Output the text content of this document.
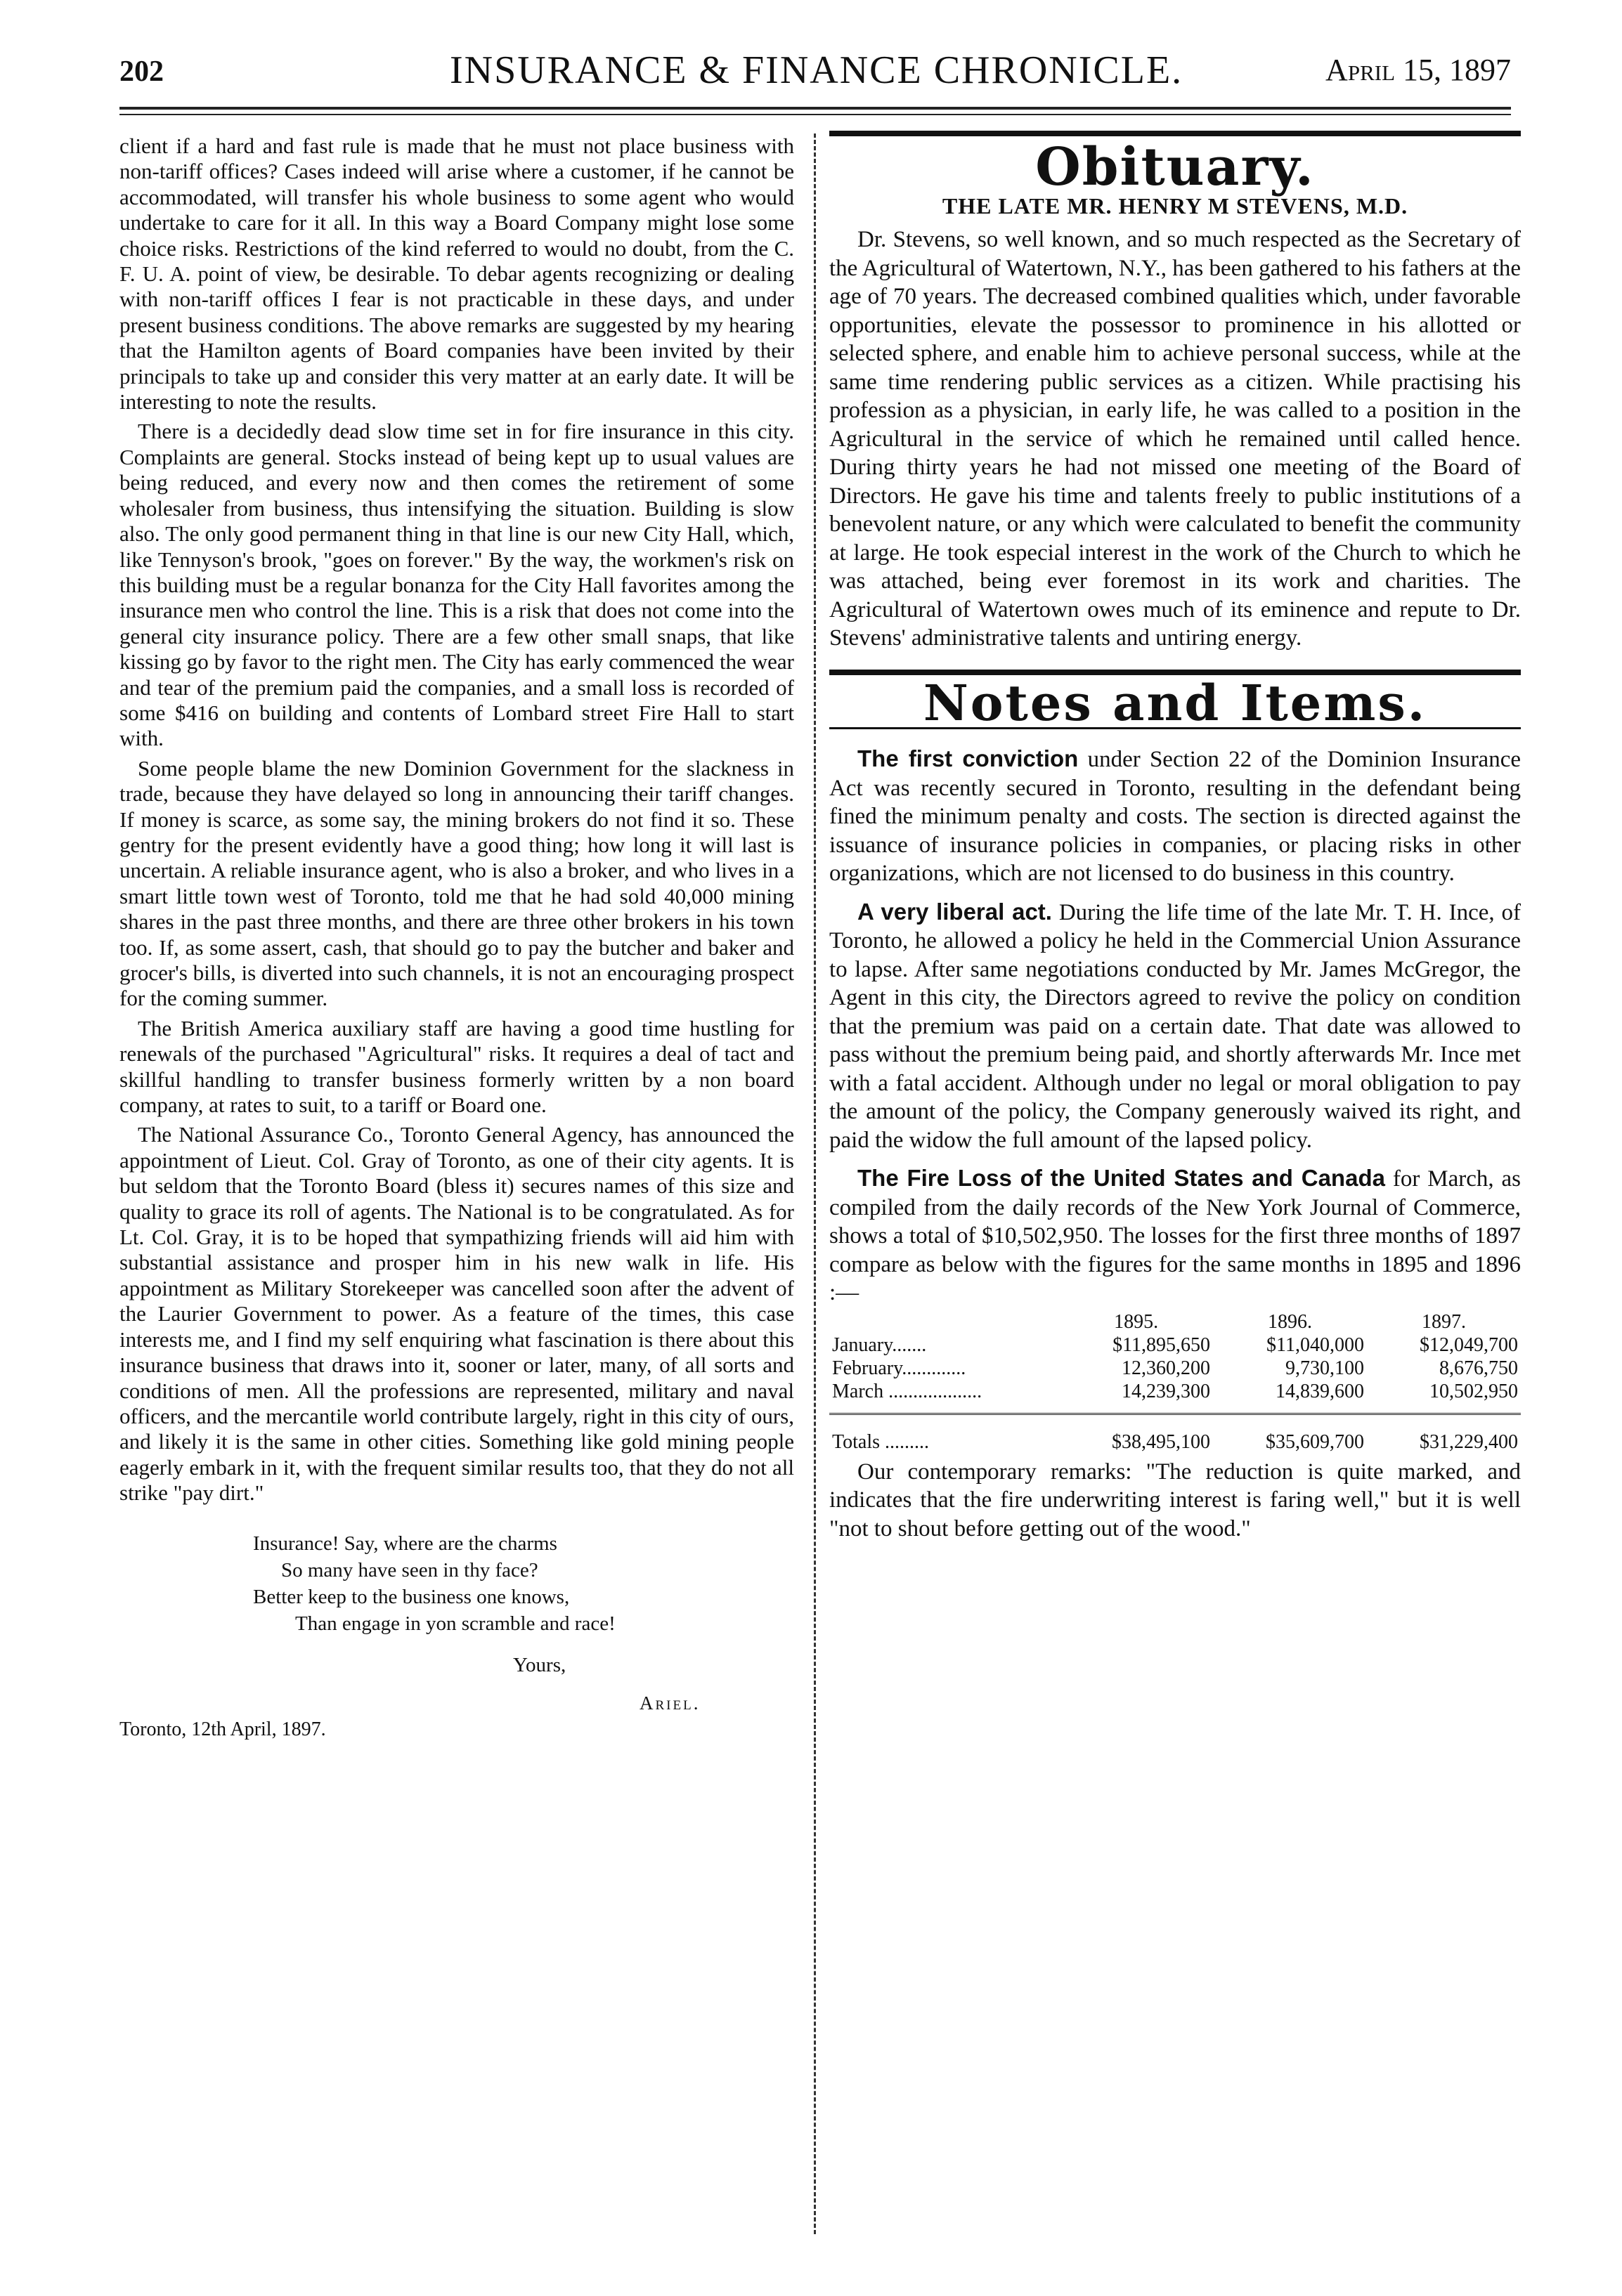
202	INSURANCE & FINANCE CHRONICLE.	April 15, 1897

client if a hard and fast rule is made that he must not place business with non-tariff offices? Cases indeed will arise where a customer, if he cannot be accommodated, will transfer his whole business to some agent who would undertake to care for it all. In this way a Board Company might lose some choice risks. Restrictions of the kind referred to would no doubt, from the C. F. U. A. point of view, be desirable. To debar agents recognizing or dealing with non-tariff offices I fear is not practicable in these days, and under present business conditions. The above remarks are suggested by my hearing that the Hamilton agents of Board companies have been invited by their principals to take up and consider this very matter at an early date. It will be interesting to note the results.

There is a decidedly dead slow time set in for fire insurance in this city. Complaints are general. Stocks instead of being kept up to usual values are being reduced, and every now and then comes the retirement of some wholesaler from business, thus intensifying the situation. Building is slow also. The only good permanent thing in that line is our new City Hall, which, like Tennyson's brook, "goes on forever." By the way, the workmen's risk on this building must be a regular bonanza for the City Hall favorites among the insurance men who control the line. This is a risk that does not come into the general city insurance policy. There are a few other small snaps, that like kissing go by favor to the right men. The City has early commenced the wear and tear of the premium paid the companies, and a small loss is recorded of some $416 on building and contents of Lombard street Fire Hall to start with.

Some people blame the new Dominion Government for the slackness in trade, because they have delayed so long in announcing their tariff changes. If money is scarce, as some say, the mining brokers do not find it so. These gentry for the present evidently have a good thing; how long it will last is uncertain. A reliable insurance agent, who is also a broker, and who lives in a smart little town west of Toronto, told me that he had sold 40,000 mining shares in the past three months, and there are three other brokers in his town too. If, as some assert, cash, that should go to pay the butcher and baker and grocer's bills, is diverted into such channels, it is not an encouraging prospect for the coming summer.

The British America auxiliary staff are having a good time hustling for renewals of the purchased "Agricultural" risks. It requires a deal of tact and skillful handling to transfer business formerly written by a non board company, at rates to suit, to a tariff or Board one.

The National Assurance Co., Toronto General Agency, has announced the appointment of Lieut. Col. Gray of Toronto, as one of their city agents. It is but seldom that the Toronto Board (bless it) secures names of this size and quality to grace its roll of agents. The National is to be congratulated. As for Lt. Col. Gray, it is to be hoped that sympathizing friends will aid him with substantial assistance and prosper him in his new walk in life. His appointment as Military Storekeeper was cancelled soon after the advent of the Laurier Government to power. As a feature of the times, this case interests me, and I find my self enquiring what fascination is there about this insurance business that draws into it, sooner or later, many, of all sorts and conditions of men. All the professions are represented, military and naval officers, and the mercantile world contribute largely, right in this city of ours, and likely it is the same in other cities. Something like gold mining people eagerly embark in it, with the frequent similar results too, that they do not all strike "pay dirt."

Insurance! Say, where are the charms
So many have seen in thy face?
Better keep to the business one knows,
Than engage in yon scramble and race!
Yours,
Ariel.
Toronto, 12th April, 1897.
Obituary.
THE LATE MR. HENRY M STEVENS, M.D.

Dr. Stevens, so well known, and so much respected as the Secretary of the Agricultural of Watertown, N.Y., has been gathered to his fathers at the age of 70 years. The decreased combined qualities which, under favorable opportunities, elevate the possessor to prominence in his allotted or selected sphere, and enable him to achieve personal success, while at the same time rendering public services as a citizen. While practising his profession as a physician, in early life, he was called to a position in the Agricultural in the service of which he remained until called hence. During thirty years he had not missed one meeting of the Board of Directors. He gave his time and talents freely to public institutions of a benevolent nature, or any which were calculated to benefit the community at large. He took especial interest in the work of the Church to which he was attached, being ever foremost in its work and charities. The Agricultural of Watertown owes much of its eminence and repute to Dr. Stevens' administrative talents and untiring energy.

Notes and Items.

The first conviction under Section 22 of the Dominion Insurance Act was recently secured in Toronto, resulting in the defendant being fined the minimum penalty and costs. The section is directed against the issuance of insurance policies in companies, or placing risks in other organizations, which are not licensed to do business in this country.

A very liberal act. During the life time of the late Mr. T. H. Ince, of Toronto, he allowed a policy he held in the Commercial Union Assurance to lapse. After same negotiations conducted by Mr. James McGregor, the Agent in this city, the Directors agreed to revive the policy on condition that the premium was paid on a certain date. That date was allowed to pass without the premium being paid, and shortly afterwards Mr. Ince met with a fatal accident. Although under no legal or moral obligation to pay the amount of the policy, the Company generously waived its right, and paid the widow the full amount of the lapsed policy.

The Fire Loss of the United States and Canada for March, as compiled from the daily records of the New York Journal of Commerce, shows a total of $10,502,950. The losses for the first three months of 1897 compare as below with the figures for the same months in 1895 and 1896 :—

	1895.	1896.	1897.
January.......	$11,895,650	$11,040,000	$12,049,700
February.............	12,360,200	9,730,100	8,676,750
March ...................	14,239,300	14,839,600	10,502,950

Totals .........	$38,495,100	$35,609,700	$31,229,400

Our contemporary remarks: "The reduction is quite marked, and indicates that the fire underwriting interest is faring well," but it is well "not to shout before getting out of the wood."
